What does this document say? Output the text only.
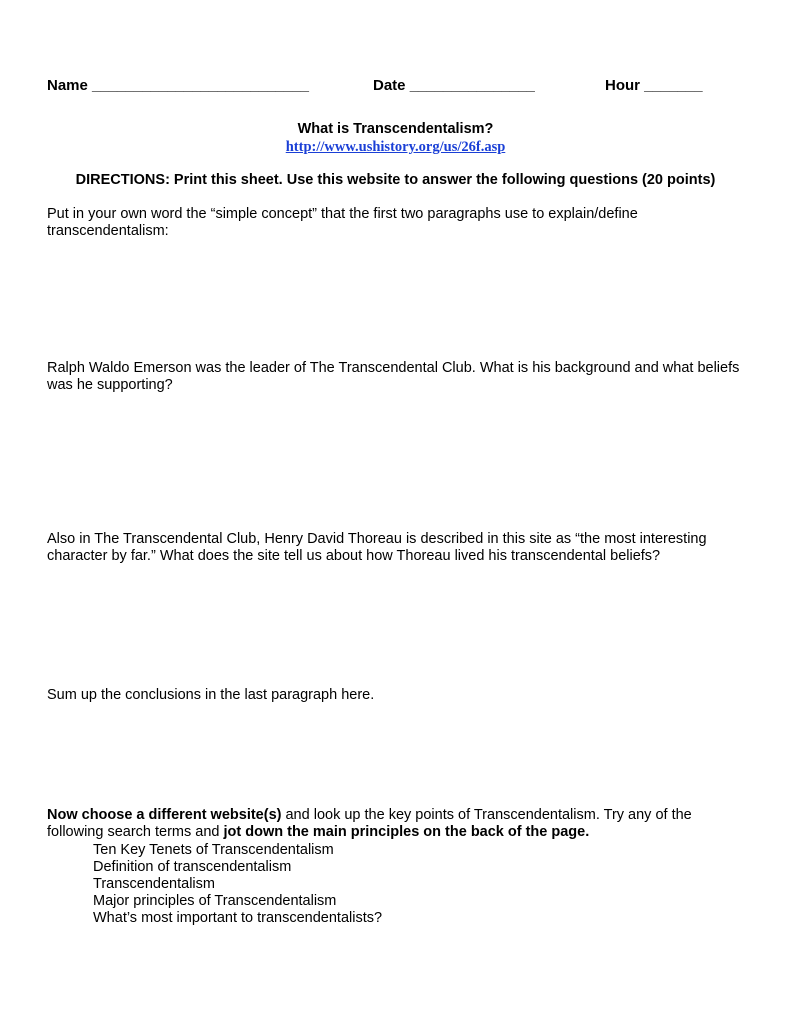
Name __________________________	Date _______________	Hour _______
What is Transcendentalism?
http://www.ushistory.org/us/26f.asp
DIRECTIONS: Print this sheet. Use this website to answer the following questions (20 points)
Put in your own word the “simple concept” that the first two paragraphs use to explain/define transcendentalism:
Ralph Waldo Emerson was the leader of The Transcendental Club. What is his background and what beliefs was he supporting?
Also in The Transcendental Club, Henry David Thoreau is described in this site as “the most interesting character by far.” What does the site tell us about how Thoreau lived his transcendental beliefs?
Sum up the conclusions in the last paragraph here.
Now choose a different website(s) and look up the key points of Transcendentalism. Try any of the following search terms and jot down the main principles on the back of the page.
Ten Key Tenets of Transcendentalism
Definition of transcendentalism
Transcendentalism
Major principles of Transcendentalism
What’s most important to transcendentalists?
